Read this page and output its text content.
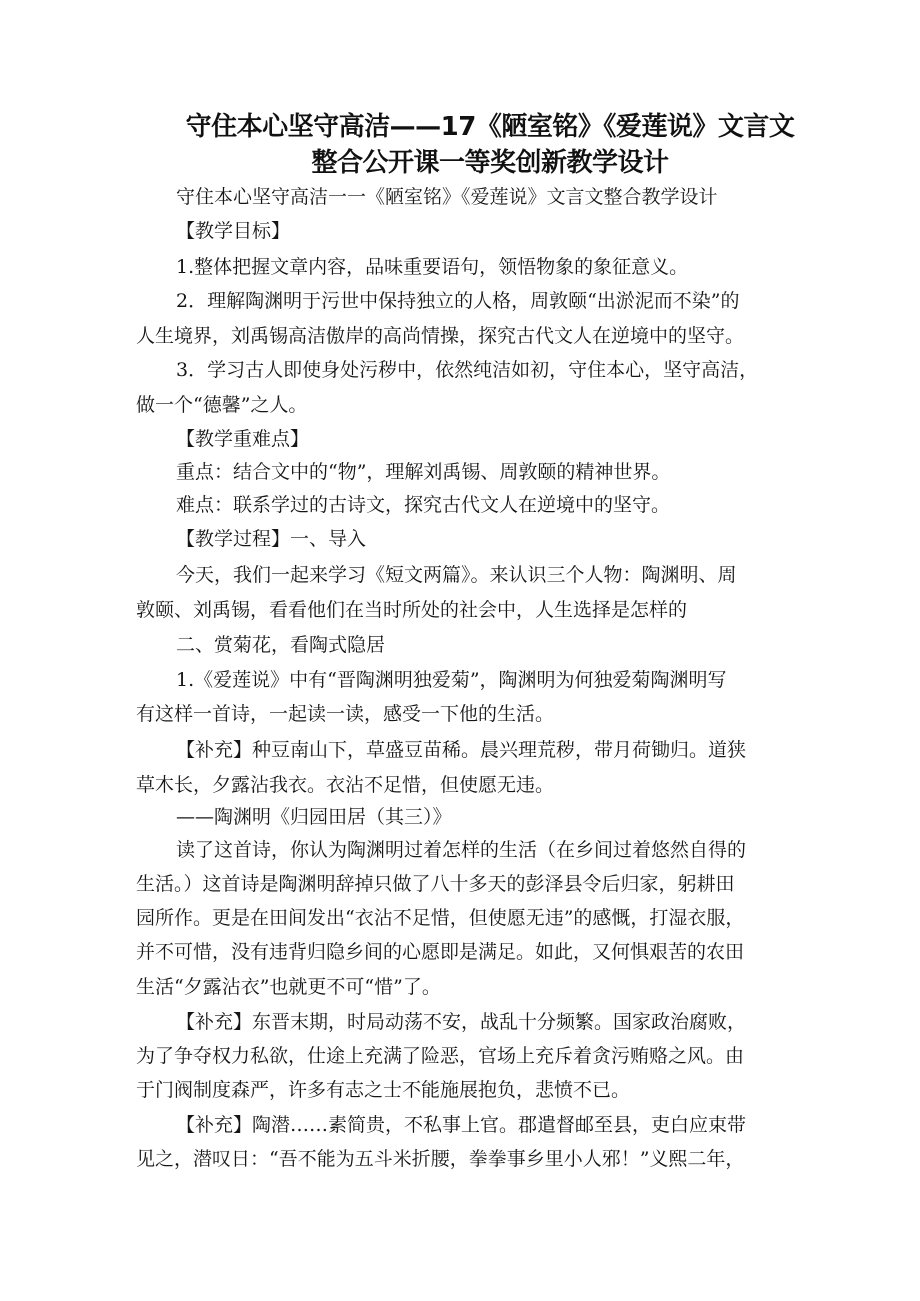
守住本心坚守高洁——17《陋室铭》《爱莲说》文言文
整合公开课一等奖创新教学设计
守住本心坚守高洁一一《陋室铭》《爱莲说》文言文整合教学设计
【教学目标】
1.整体把握文章内容，品味重要语句，领悟物象的象征意义。
2．理解陶渊明于污世中保持独立的人格，周敦颐“出淤泥而不染”的
人生境界，刘禹锡高洁傲岸的高尚情操，探究古代文人在逆境中的坚守。
3．学习古人即使身处污秽中，依然纯洁如初，守住本心，坚守高洁，
做一个“德馨”之人。
【教学重难点】
重点：结合文中的“物”，理解刘禹锡、周敦颐的精神世界。
难点：联系学过的古诗文，探究古代文人在逆境中的坚守。
【教学过程】一、导入
今天，我们一起来学习《短文两篇》。来认识三个人物：陶渊明、周
敦颐、刘禹锡，看看他们在当时所处的社会中，人生选择是怎样的
二、赏菊花，看陶式隐居
1.《爱莲说》中有“晋陶渊明独爱菊”，陶渊明为何独爱菊陶渊明写
有这样一首诗，一起读一读，感受一下他的生活。
【补充】种豆南山下，草盛豆苗稀。晨兴理荒秽，带月荷锄归。道狭
草木长，夕露沾我衣。衣沾不足惜，但使愿无违。
——陶渊明《归园田居（其三）》
读了这首诗，你认为陶渊明过着怎样的生活（在乡间过着悠然自得的
生活。）这首诗是陶渊明辞掉只做了八十多天的彭泽县令后归家，躬耕田
园所作。更是在田间发出“衣沾不足惜，但使愿无违”的感慨，打湿衣服，
并不可惜，没有违背归隐乡间的心愿即是满足。如此，又何惧艰苦的农田
生活“夕露沾衣”也就更不可“惜”了。
【补充】东晋末期，时局动荡不安，战乱十分频繁。国家政治腐败，
为了争夺权力私欲，仕途上充满了险恶，官场上充斥着贪污贿赂之风。由
于门阀制度森严，许多有志之士不能施展抱负，悲愤不已。
【补充】陶潜……素简贵，不私事上官。郡遣督邮至县，吏白应束带
见之，潜叹日：“吾不能为五斗米折腰，拳拳事乡里小人邪！”义熙二年，
